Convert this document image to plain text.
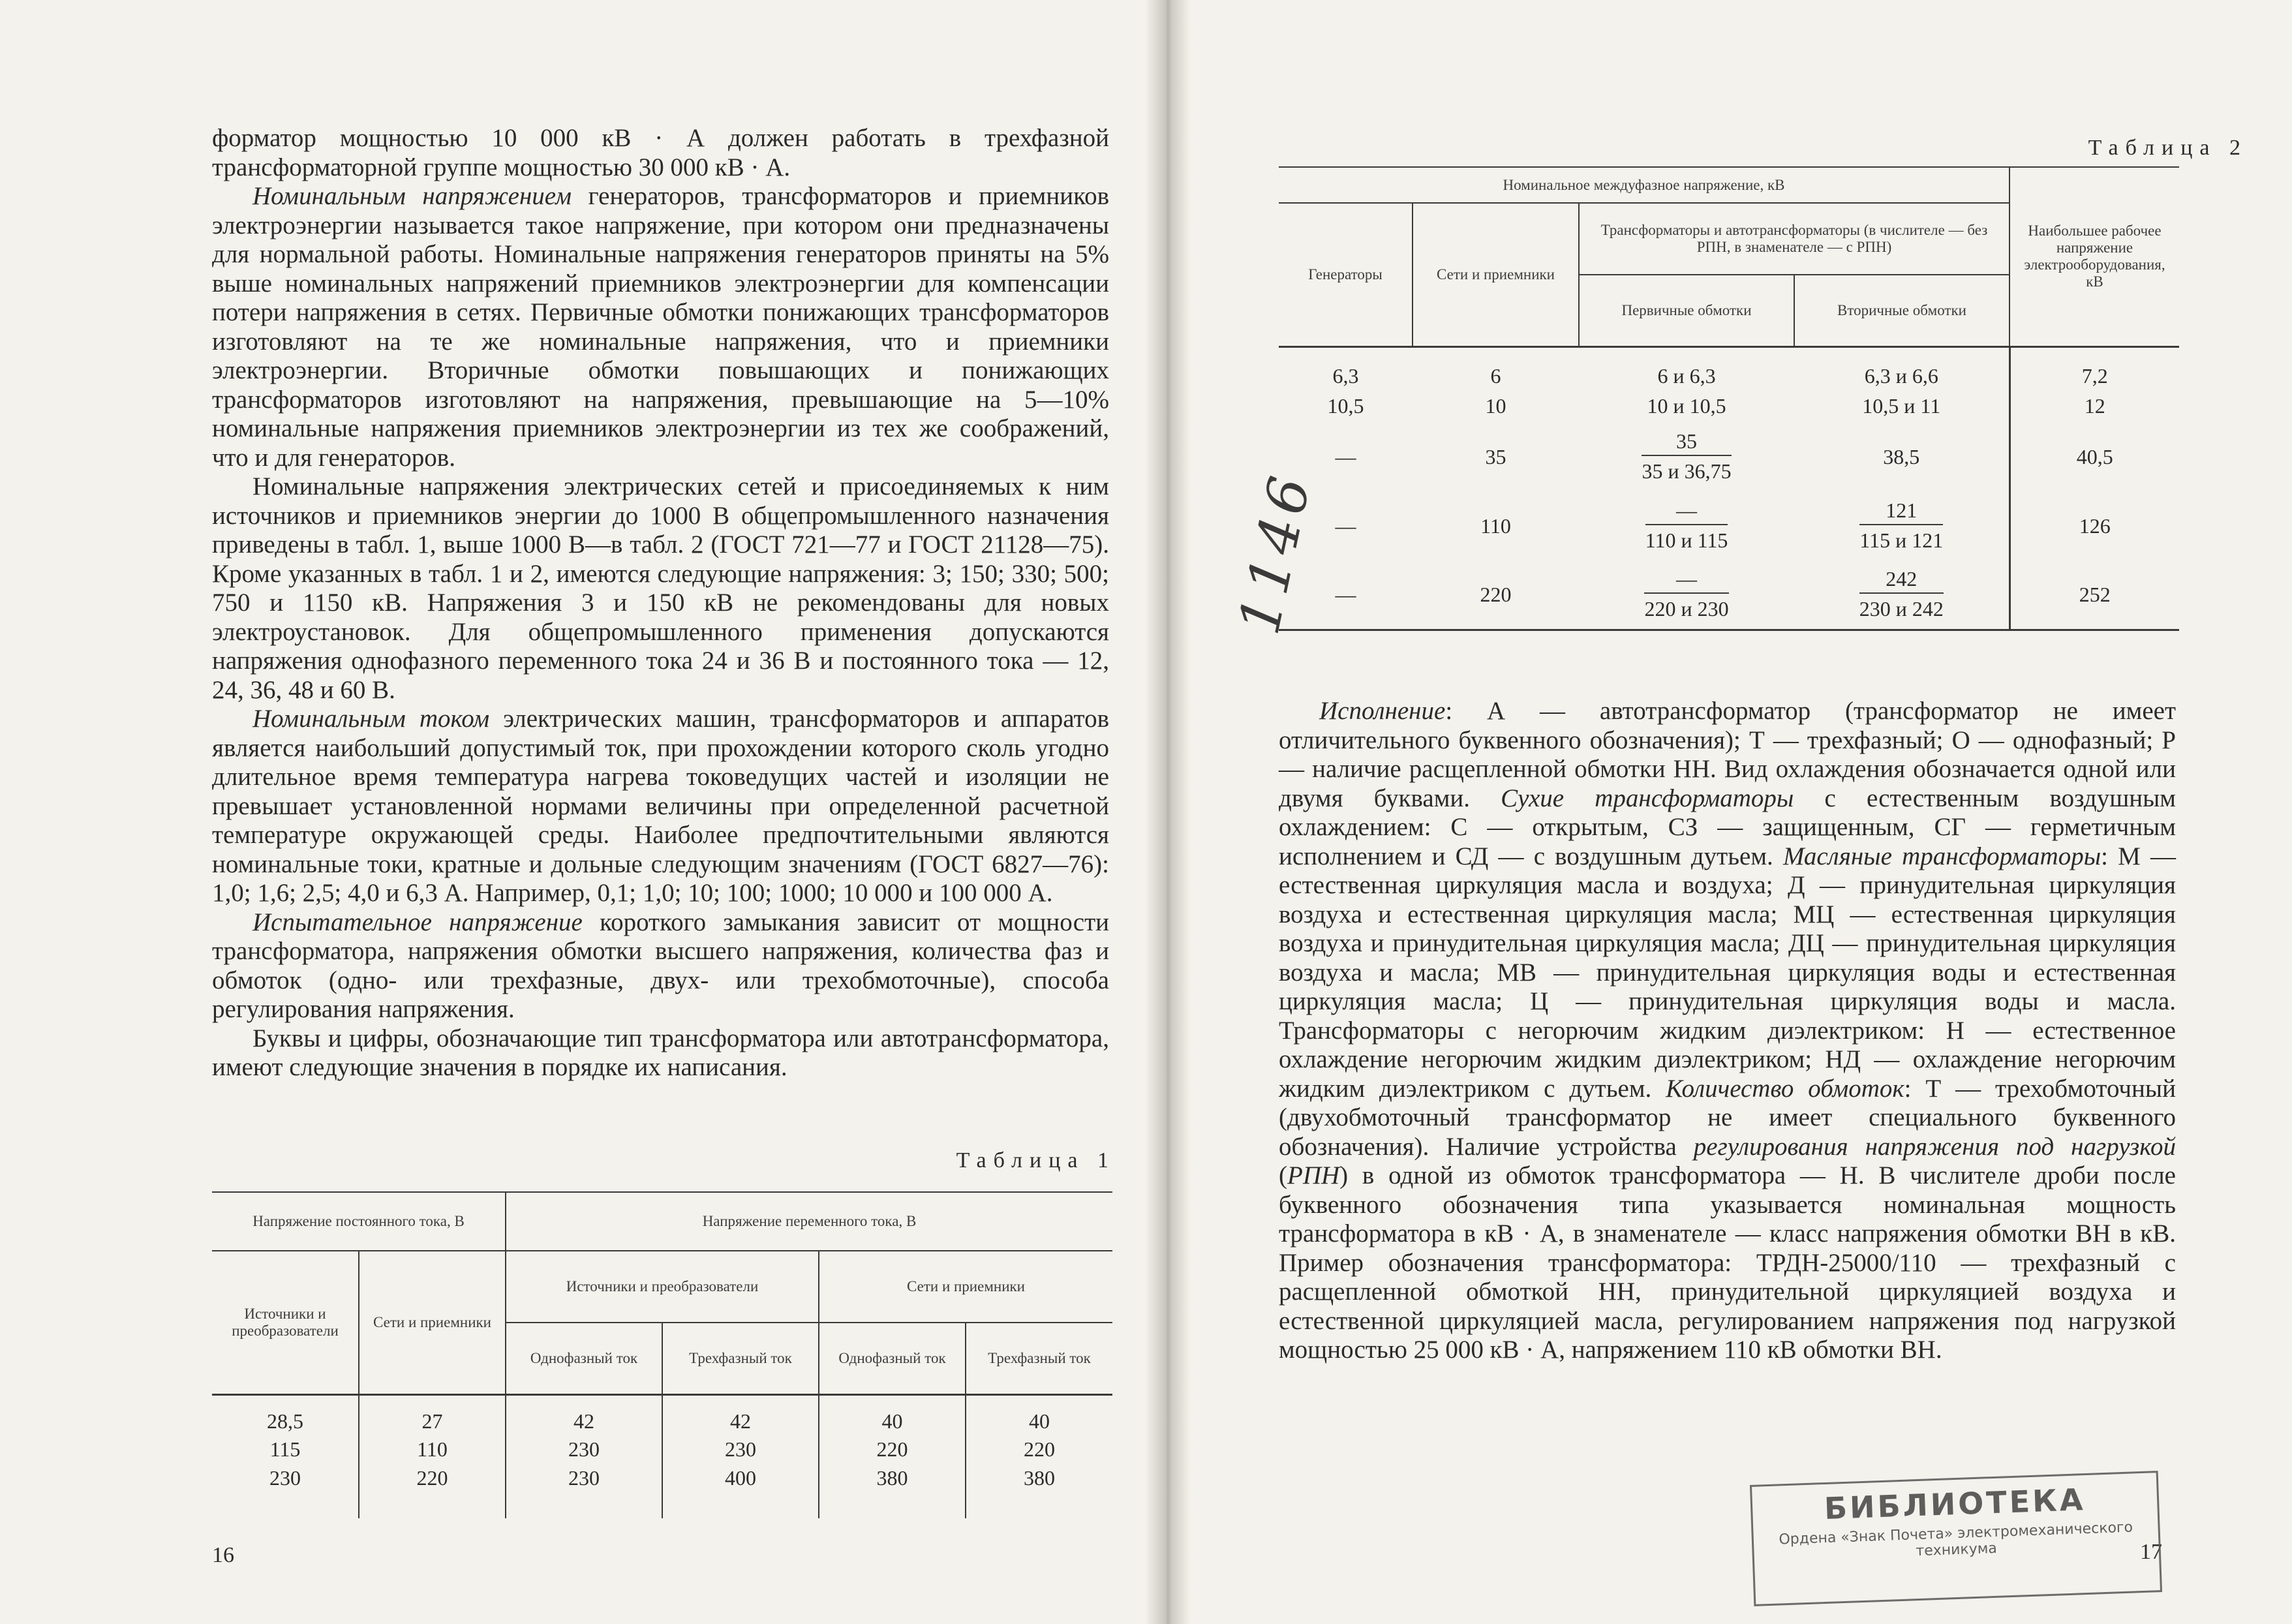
форматор мощностью 10 000 кВ · А должен работать в трехфазной трансформаторной группе мощностью 30 000 кВ · А.

Номинальным напряжением генераторов, трансформаторов и приемников электроэнергии называется такое напряжение, при котором они предназначены для нормальной работы. Номинальные напряжения генераторов приняты на 5% выше номинальных напряжений приемников электроэнергии для компенсации потери напряжения в сетях. Первичные обмотки понижающих трансформаторов изготовляют на те же номинальные напряжения, что и приемники электроэнергии. Вторичные обмотки повышающих и понижающих трансформаторов изготовляют на напряжения, превышающие на 5—10% номинальные напряжения приемников электроэнергии из тех же соображений, что и для генераторов.

Номинальные напряжения электрических сетей и присоединяемых к ним источников и приемников энергии до 1000 В общепромышленного назначения приведены в табл. 1, выше 1000 В—в табл. 2 (ГОСТ 721—77 и ГОСТ 21128—75). Кроме указанных в табл. 1 и 2, имеются следующие напряжения: 3; 150; 330; 500; 750 и 1150 кВ. Напряжения 3 и 150 кВ не рекомендованы для новых электроустановок. Для общепромышленного применения допускаются напряжения однофазного переменного тока 24 и 36 В и постоянного тока — 12, 24, 36, 48 и 60 В.

Номинальным током электрических машин, трансформаторов и аппаратов является наибольший допустимый ток, при прохождении которого сколь угодно длительное время температура нагрева токоведущих частей и изоляции не превышает установленной нормами величины при определенной расчетной температуре окружающей среды. Наиболее предпочтительными являются номинальные токи, кратные и дольные следующим значениям (ГОСТ 6827—76): 1,0; 1,6; 2,5; 4,0 и 6,3 А. Например, 0,1; 1,0; 10; 100; 1000; 10 000 и 100 000 А.

Испытательное напряжение короткого замыкания зависит от мощности трансформатора, напряжения обмотки высшего напряжения, количества фаз и обмоток (одно- или трехфазные, двух- или трехобмоточные), способа регулирования напряжения.

Буквы и цифры, обозначающие тип трансформатора или автотрансформатора, имеют следующие значения в порядке их написания.

Таблица 1
Напряжение постоянного тока, В		Напряжение переменного тока, В			
Источники и преобразователи	Сети и приемники	Источники и преобразователи		Сети и приемники	
		Однофазный ток	Трехфазный ток	Однофазный ток	Трехфазный ток
28,5	27	42	42	40	40
115	110	230	230	220	220
230	220	230	400	380	380

16
Таблица 2
Номинальное междуфазное напряжение, кВ				Наибольшее рабочее напряжение электрооборудования, кВ
Генераторы	Сети и приемники	Трансформаторы и автотрансформаторы (в числителе — без РПН, в знаменателе — с РПН)		
		Первичные обмотки	Вторичные обмотки	
6,3	6	6 и 6,3	6,3 и 6,6	7,2
10,5	10	10 и 10,5	10,5 и 11	12
—	35	$\frac{35}{35 и 36,75}$	38,5	40,5
—	110	$\frac{—}{110 и 115}$	$\frac{121}{115 и 121}$	126
—	220	$\frac{—}{220 и 230}$	$\frac{242}{230 и 242}$	252

Исполнение: А — автотрансформатор (трансформатор не имеет отличительного буквенного обозначения); Т — трехфазный; О — однофазный; Р — наличие расщепленной обмотки НН. Вид охлаждения обозначается одной или двумя буквами. Сухие трансформаторы с естественным воздушным охлаждением: С — открытым, СЗ — защищенным, СГ — герметичным исполнением и СД — с воздушным дутьем. Масляные трансформаторы: М — естественная циркуляция масла и воздуха; Д — принудительная циркуляция воздуха и естественная циркуляция масла; МЦ — естественная циркуляция воздуха и принудительная циркуляция масла; ДЦ — принудительная циркуляция воздуха и масла; МВ — принудительная циркуляция воды и естественная циркуляция масла; Ц — принудительная циркуляция воды и масла. Трансформаторы с негорючим жидким диэлектриком: Н — естественное охлаждение негорючим жидким диэлектриком; НД — охлаждение негорючим жидким диэлектриком с дутьем. Количество обмоток: Т — трехобмоточный (двухобмоточный трансформатор не имеет специального буквенного обозначения). Наличие устройства регулирования напряжения под нагрузкой (РПН) в одной из обмоток трансформатора — Н. В числителе дроби после буквенного обозначения типа указывается номинальная мощность трансформатора в кВ · А, в знаменателе — класс напряжения обмотки ВН в кВ. Пример обозначения трансформатора: ТРДН-25000/110 — трехфазный с расщепленной обмоткой НН, принудительной циркуляцией воздуха и естественной циркуляцией масла, регулированием напряжения под нагрузкой мощностью 25 000 кВ · А, напряжением 110 кВ обмотки ВН.

17
1146
БИБЛИОТЕКА
Ордена «Знак Почета» электромеханического техникума
